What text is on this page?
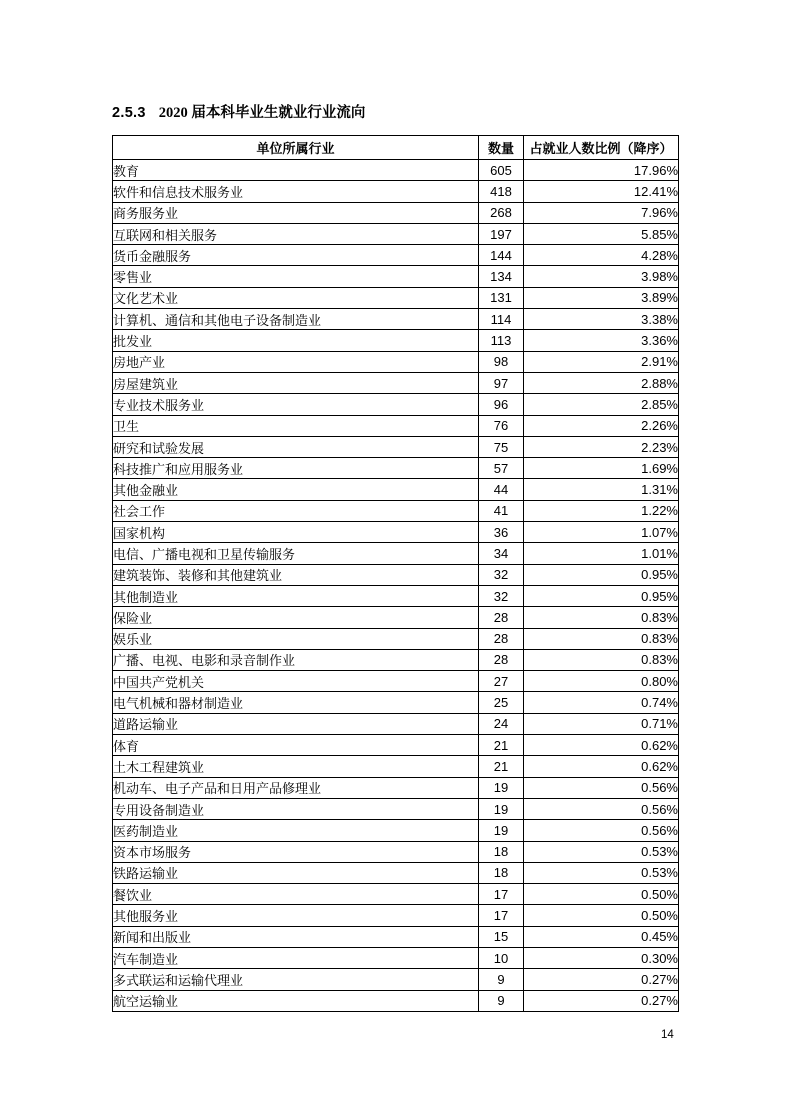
2.5.3 2020 届本科毕业生就业行业流向
单位所属行业	数量	占就业人数比例（降序）
教育	605	17.96%
软件和信息技术服务业	418	12.41%
商务服务业	268	7.96%
互联网和相关服务	197	5.85%
货币金融服务	144	4.28%
零售业	134	3.98%
文化艺术业	131	3.89%
计算机、通信和其他电子设备制造业	114	3.38%
批发业	113	3.36%
房地产业	98	2.91%
房屋建筑业	97	2.88%
专业技术服务业	96	2.85%
卫生	76	2.26%
研究和试验发展	75	2.23%
科技推广和应用服务业	57	1.69%
其他金融业	44	1.31%
社会工作	41	1.22%
国家机构	36	1.07%
电信、广播电视和卫星传输服务	34	1.01%
建筑装饰、装修和其他建筑业	32	0.95%
其他制造业	32	0.95%
保险业	28	0.83%
娱乐业	28	0.83%
广播、电视、电影和录音制作业	28	0.83%
中国共产党机关	27	0.80%
电气机械和器材制造业	25	0.74%
道路运输业	24	0.71%
体育	21	0.62%
土木工程建筑业	21	0.62%
机动车、电子产品和日用产品修理业	19	0.56%
专用设备制造业	19	0.56%
医药制造业	19	0.56%
资本市场服务	18	0.53%
铁路运输业	18	0.53%
餐饮业	17	0.50%
其他服务业	17	0.50%
新闻和出版业	15	0.45%
汽车制造业	10	0.30%
多式联运和运输代理业	9	0.27%
航空运输业	9	0.27%
14
